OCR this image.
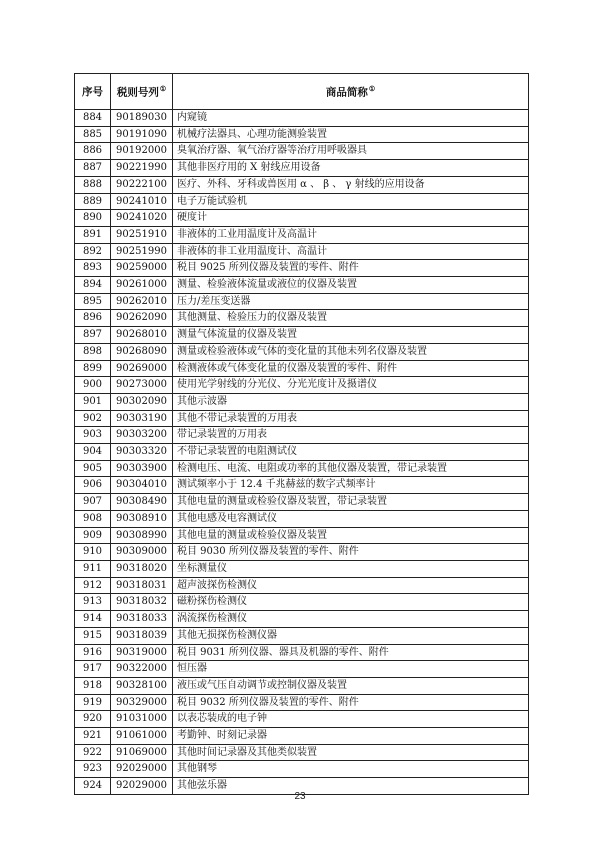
序号	税则号列①	商品简称①
884	90189030	内窥镜
885	90191090	机械疗法器具、心理功能测验装置
886	90192000	臭氧治疗器、氧气治疗器等治疗用呼吸器具
887	90221990	其他非医疗用的 X 射线应用设备
888	90222100	医疗、外科、牙科或兽医用 α 、 β 、 γ 射线的应用设备
889	90241010	电子万能试验机
890	90241020	硬度计
891	90251910	非液体的工业用温度计及高温计
892	90251990	非液体的非工业用温度计、高温计
893	90259000	税目 9025 所列仪器及装置的零件、附件
894	90261000	测量、检验液体流量或液位的仪器及装置
895	90262010	压力/差压变送器
896	90262090	其他测量、检验压力的仪器及装置
897	90268010	测量气体流量的仪器及装置
898	90268090	测量或检验液体或气体的变化量的其他未列名仪器及装置
899	90269000	检测液体或气体变化量的仪器及装置的零件、附件
900	90273000	使用光学射线的分光仪、分光光度计及摄谱仪
901	90302090	其他示波器
902	90303190	其他不带记录装置的万用表
903	90303200	带记录装置的万用表
904	90303320	不带记录装置的电阻测试仪
905	90303900	检测电压、电流、电阻或功率的其他仪器及装置，带记录装置
906	90304010	测试频率小于 12.4 千兆赫兹的数字式频率计
907	90308490	其他电量的测量或检验仪器及装置，带记录装置
908	90308910	其他电感及电容测试仪
909	90308990	其他电量的测量或检验仪器及装置
910	90309000	税目 9030 所列仪器及装置的零件、附件
911	90318020	坐标测量仪
912	90318031	超声波探伤检测仪
913	90318032	磁粉探伤检测仪
914	90318033	涡流探伤检测仪
915	90318039	其他无损探伤检测仪器
916	90319000	税目 9031 所列仪器、器具及机器的零件、附件
917	90322000	恒压器
918	90328100	液压或气压自动调节或控制仪器及装置
919	90329000	税目 9032 所列仪器及装置的零件、附件
920	91031000	以表芯装成的电子钟
921	91061000	考勤钟、时刻记录器
922	91069000	其他时间记录器及其他类似装置
923	92029000	其他钢琴
924	92029000	其他弦乐器
23
